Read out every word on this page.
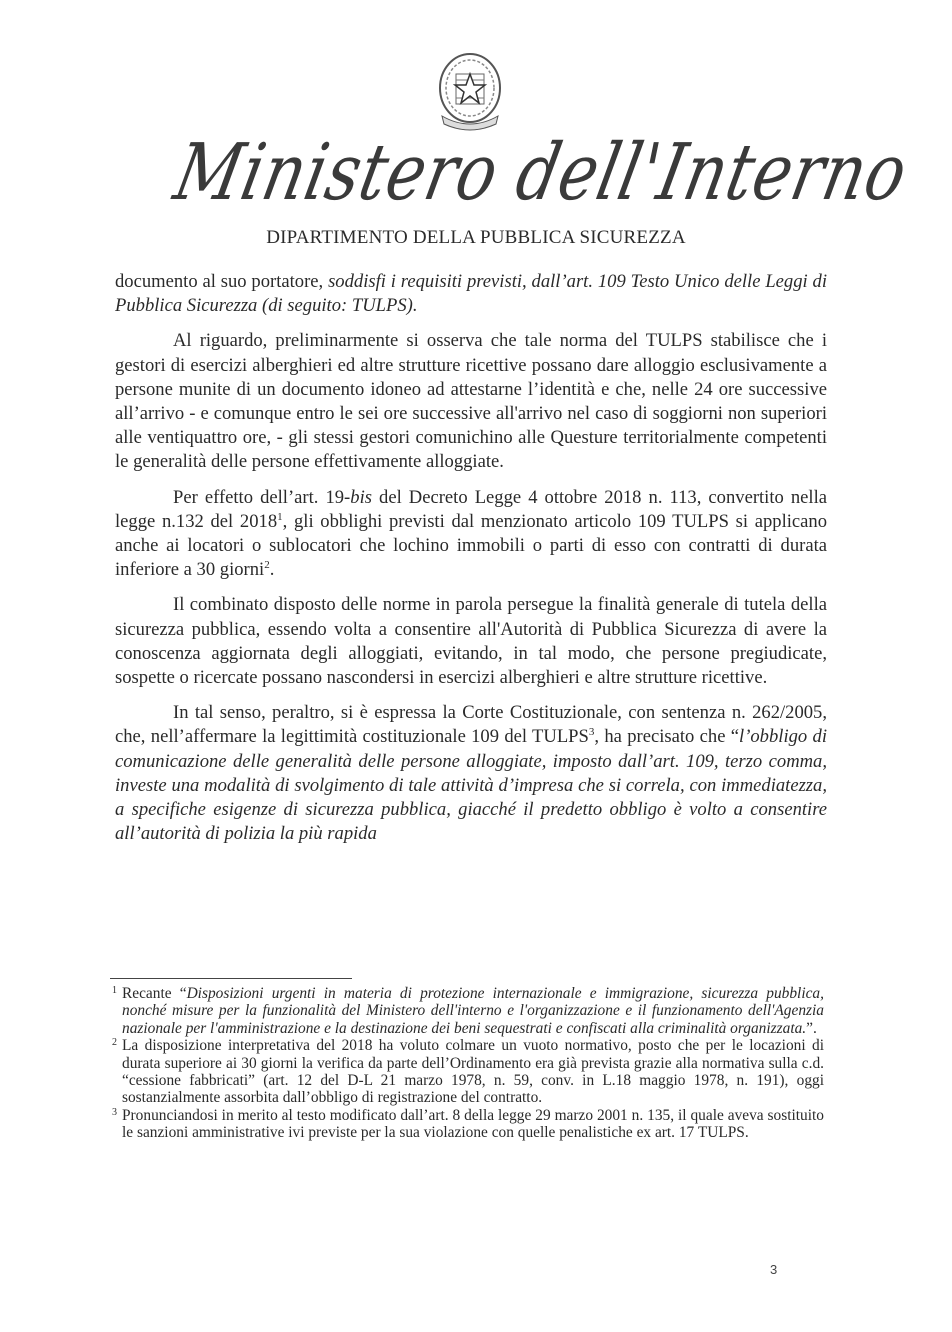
Ministero dell'Interno
DIPARTIMENTO DELLA PUBBLICA SICUREZZA

documento al suo portatore, soddisfi i requisiti previsti, dall’art. 109 Testo Unico delle Leggi di Pubblica Sicurezza (di seguito: TULPS).

Al riguardo, preliminarmente si osserva che tale norma del TULPS stabilisce che i gestori di esercizi alberghieri ed altre strutture ricettive possano dare alloggio esclusivamente a persone munite di un documento idoneo ad attestarne l’identità e che, nelle 24 ore successive all’arrivo - e comunque entro le sei ore successive all'arrivo nel caso di soggiorni non superiori alle ventiquattro ore, - gli stessi gestori comunichino alle Questure territorialmente competenti le generalità delle persone effettivamente alloggiate.

Per effetto dell’art. 19-bis del Decreto Legge 4 ottobre 2018 n. 113, convertito nella legge n.132 del 2018$^1$, gli obblighi previsti dal menzionato articolo 109 TULPS si applicano anche ai locatori o sublocatori che lochino immobili o parti di esso con contratti di durata inferiore a 30 giorni$^2$.

Il combinato disposto delle norme in parola persegue la finalità generale di tutela della sicurezza pubblica, essendo volta a consentire all'Autorità di Pubblica Sicurezza di avere la conoscenza aggiornata degli alloggiati, evitando, in tal modo, che persone pregiudicate, sospette o ricercate possano nascondersi in esercizi alberghieri e altre strutture ricettive.

In tal senso, peraltro, si è espressa la Corte Costituzionale, con sentenza n. 262/2005, che, nell’affermare la legittimità costituzionale 109 del TULPS$^3$, ha precisato che “l’obbligo di comunicazione delle generalità delle persone alloggiate, imposto dall’art. 109, terzo comma, investe una modalità di svolgimento di tale attività d’impresa che si correla, con immediatezza, a specifiche esigenze di sicurezza pubblica, giacché il predetto obbligo è volto a consentire all’autorità di polizia la più rapida

1 Recante “Disposizioni urgenti in materia di protezione internazionale e immigrazione, sicurezza pubblica, nonché misure per la funzionalità del Ministero dell'interno e l'organizzazione e il funzionamento dell'Agenzia nazionale per l'amministrazione e la destinazione dei beni sequestrati e confiscati alla criminalità organizzata.”.

2 La disposizione interpretativa del 2018 ha voluto colmare un vuoto normativo, posto che per le locazioni di durata superiore ai 30 giorni la verifica da parte dell’Ordinamento era già prevista grazie alla normativa sulla c.d. “cessione fabbricati” (art. 12 del D-L 21 marzo 1978, n. 59, conv. in L.18 maggio 1978, n. 191), oggi sostanzialmente assorbita dall’obbligo di registrazione del contratto.

3 Pronunciandosi in merito al testo modificato dall’art. 8 della legge 29 marzo 2001 n. 135, il quale aveva sostituito le sanzioni amministrative ivi previste per la sua violazione con quelle penalistiche ex art. 17 TULPS.

3
